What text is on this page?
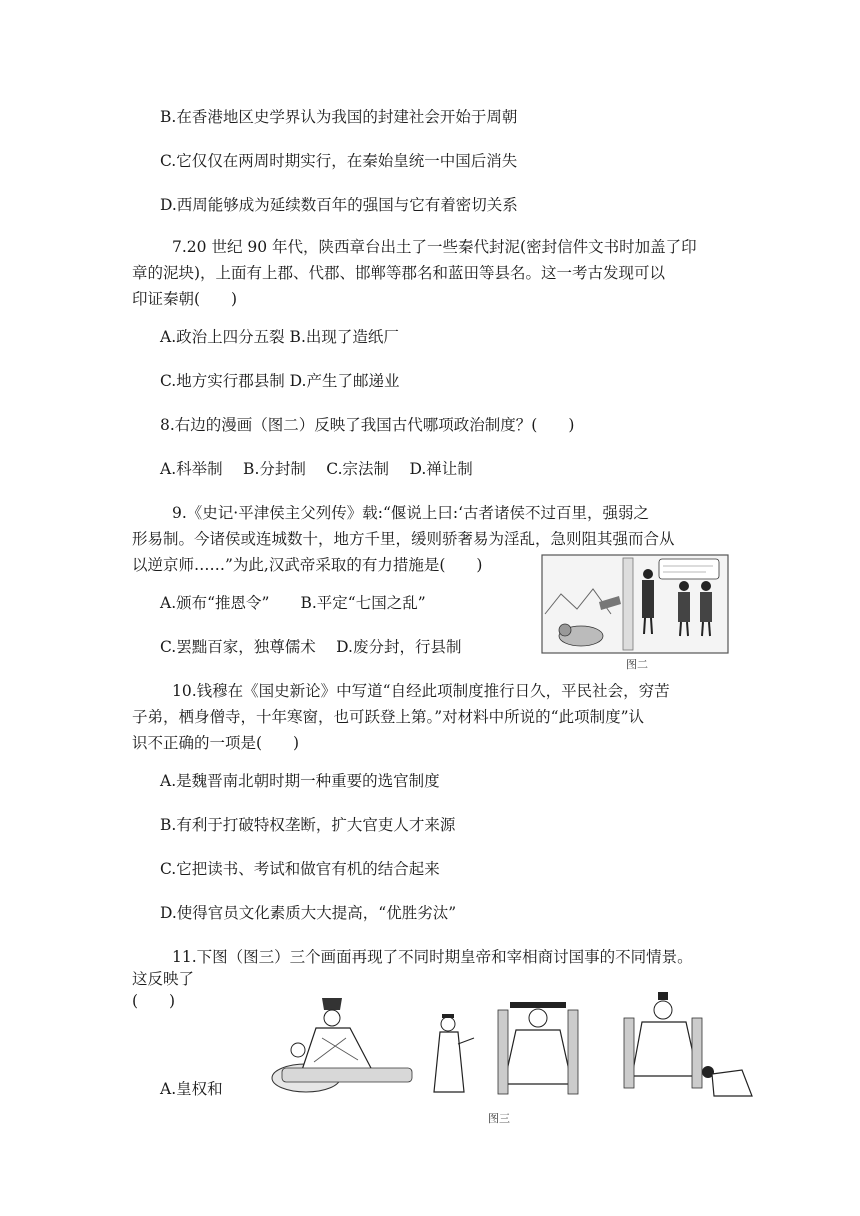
B.在香港地区史学界认为我国的封建社会开始于周朝
C.它仅仅在两周时期实行，在秦始皇统一中国后消失
D.西周能够成为延续数百年的强国与它有着密切关系
7.20 世纪 90 年代，陕西章台出土了一些秦代封泥(密封信件文书时加盖了印
章的泥块)，上面有上郡、代郡、邯郸等郡名和蓝田等县名。这一考古发现可以
印证秦朝(　　)
A.政治上四分五裂 B.出现了造纸厂
C.地方实行郡县制 D.产生了邮递业
8.右边的漫画（图二）反映了我国古代哪项政治制度？(　　)
A.科举制　 B.分封制　 C.宗法制　 D.禅让制
9.《史记·平津侯主父列传》载:“偃说上曰:‘古者诸侯不过百里，强弱之
形易制。今诸侯或连城数十，地方千里，缓则骄奢易为淫乱，急则阻其强而合从
以逆京师……”为此,汉武帝采取的有力措施是(　　)
A.颁布“推恩令”　　B.平定“七国之乱”
C.罢黜百家，独尊儒术　 D.废分封，行县制
图二
10.钱穆在《国史新论》中写道“自经此项制度推行日久，平民社会，穷苦
子弟，栖身僧寺，十年寒窗，也可跃登上第。”对材料中所说的“此项制度”认
识不正确的一项是(　　)
A.是魏晋南北朝时期一种重要的选官制度
B.有利于打破特权垄断，扩大官吏人才来源
C.它把读书、考试和做官有机的结合起来
D.使得官员文化素质大大提高，“优胜劣汰”
11.下图（图三）三个画面再现了不同时期皇帝和宰相商讨国事的不同情景。
这反映了
(　　)
A.皇权和
图三
